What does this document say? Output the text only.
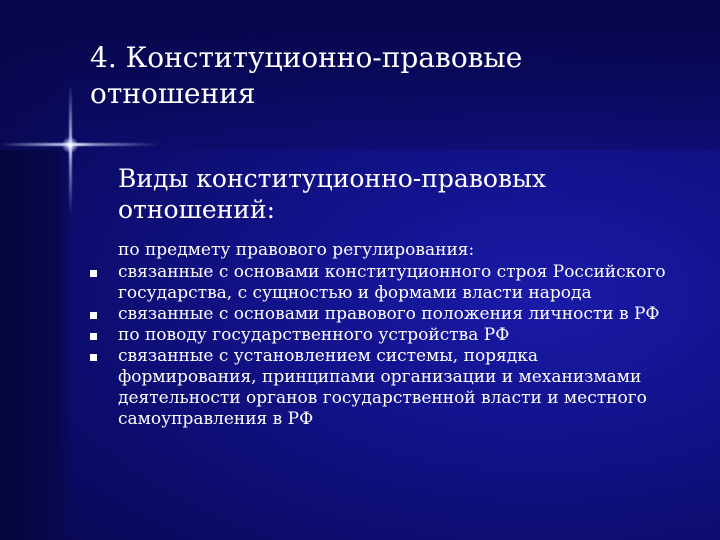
4. Конституционно-правовые отношения
Виды конституционно-правовых отношений:
по предмету правового регулирования:
связанные с основами конституционного строя Российского государства, с сущностью и формами власти народа
связанные с основами правового положения личности в РФ
по поводу государственного устройства РФ
связанные с установлением системы, порядка формирования, принципами организации и механизмами деятельности органов государственной власти и местного самоуправления в РФ
